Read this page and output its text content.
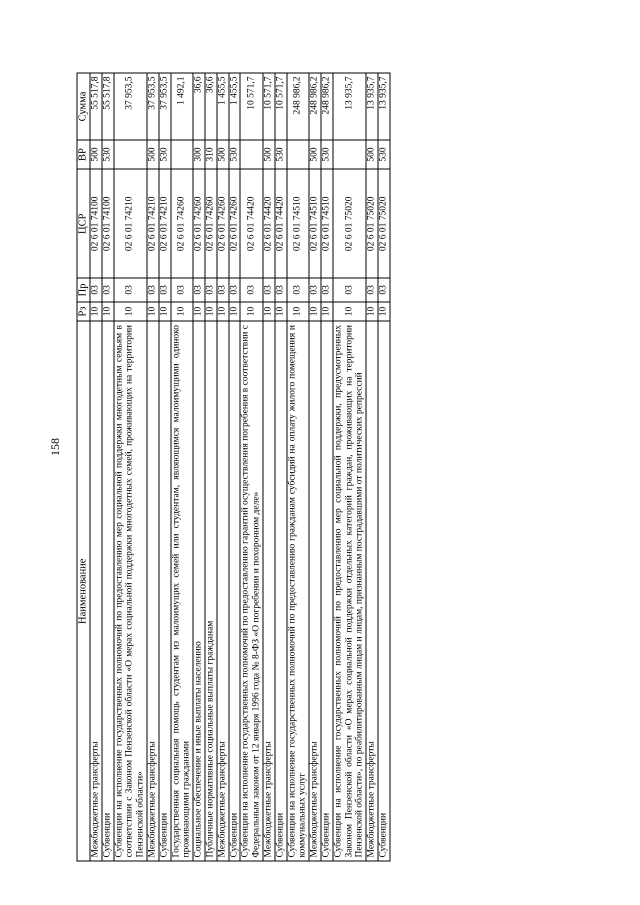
158
Наименование	Рз	Пр	ЦСР	ВР	Сумма
Межбюджетные трансферты	10	03	02 6 01 74100	500	55 517,8
Субвенции	10	03	02 6 01 74100	530	55 517,8
Субвенции на исполнение государственных полномочий по предоставлению мер социальной поддержки многодетным семьям в соответствии с Законом Пензенской области «О мерах социальной поддержки многодетных семей, проживающих на территории Пензенской области»	10	03	02 6 01 74210		37 953,5
Межбюджетные трансферты	10	03	02 6 01 74210	500	37 953,5
Субвенции	10	03	02 6 01 74210	530	37 953,5
Государственная социальная помощь студентам из малоимущих семей или студентам, являющимся малоимущими одиноко проживающими гражданами	10	03	02 6 01 74260		1 492,1
Социальное обеспечение и иные выплаты населению	10	03	02 6 01 74260	300	36,6
Публичные нормативные социальные выплаты гражданам	10	03	02 6 01 74260	310	36,6
Межбюджетные трансферты	10	03	02 6 01 74260	500	1 455,5
Субвенции	10	03	02 6 01 74260	530	1 455,5
Субвенции на исполнение государственных полномочий по предоставлению гарантий осуществления погребения в соответствии с Федеральным законом от 12 января 1996 года № 8-ФЗ «О погребении и похоронном деле»	10	03	02 6 01 74420		10 571,7
Межбюджетные трансферты	10	03	02 6 01 74420	500	10 571,7
Субвенции	10	03	02 6 01 74420	530	10 571,7
Субвенции на исполнение государственных полномочий по предоставлению гражданам субсидий на оплату жилого помещения и коммунальных услуг	10	03	02 6 01 74510		248 986,2
Межбюджетные трансферты	10	03	02 6 01 74510	500	248 986,2
Субвенции	10	03	02 6 01 74510	530	248 986,2
Субвенции на исполнение государственных полномочий по предоставлению мер социальной поддержки, предусмотренных Законом Пензенской области «О мерах социальной поддержки отдельных категорий граждан, проживающих на территории Пензенской области», по реабилитированным лицам и лицам, признанным пострадавшими от политических репрессий	10	03	02 6 01 75020		13 935,7
Межбюджетные трансферты	10	03	02 6 01 75020	500	13 935,7
Субвенции	10	03	02 6 01 75020	530	13 935,7
